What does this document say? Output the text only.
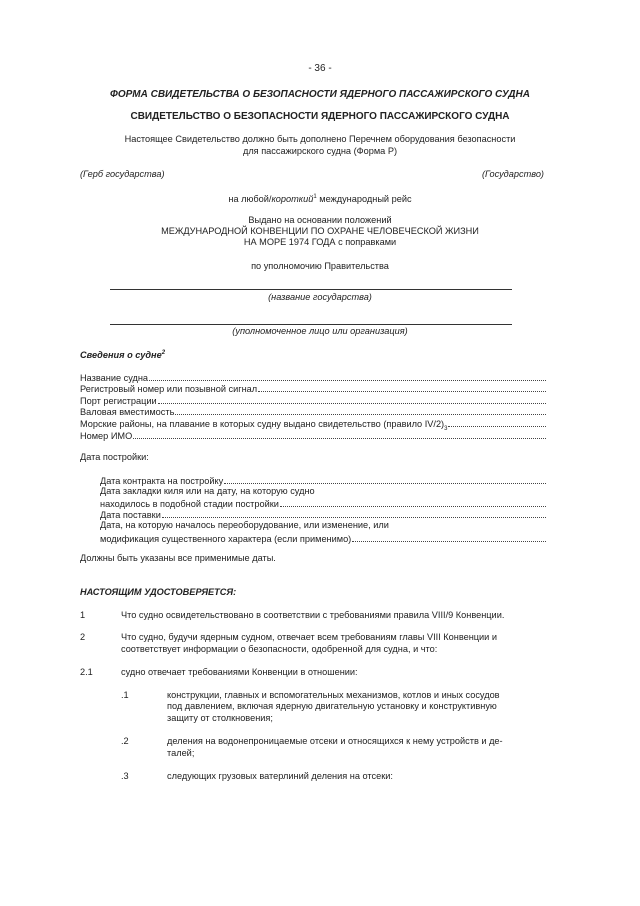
- 36 -
ФОРМА СВИДЕТЕЛЬСТВА О БЕЗОПАСНОСТИ ЯДЕРНОГО ПАССАЖИРСКОГО СУДНА
СВИДЕТЕЛЬСТВО О БЕЗОПАСНОСТИ ЯДЕРНОГО ПАССАЖИРСКОГО СУДНА
Настоящее Свидетельство должно быть дополнено Перечнем оборудования безопасности
для пассажирского судна (Форма Р)
(Герб государства)	(Государство)
на любой/короткий$^1$ международный рейс
Выдано на основании положений
МЕЖДУНАРОДНОЙ КОНВЕНЦИИ ПО ОХРАНЕ ЧЕЛОВЕЧЕСКОЙ ЖИЗНИ
НА МОРЕ 1974 ГОДА с поправками
по уполномочию Правительства
(название государства)
(уполномоченное лицо или организация)
Сведения о судне$^2$
Название судна
Регистровый номер или позывной сигнал
Порт регистрации
Валовая вместимость
Морские районы, на плавание в которых судну выдано свидетельство (правило IV/2) 3
Номер ИМО
Дата постройки:
Дата контракта на постройку
Дата закладки киля или на дату, на которую судно
находилось в подобной стадии постройки
Дата поставки
Дата, на которую началось переоборудование, или изменение, или
модификация существенного характера (если применимо)
Должны быть указаны все применимые даты.
НАСТОЯЩИМ УДОСТОВЕРЯЕТСЯ:
1	Что судно освидетельствовано в соответствии с требованиями правила VIII/9 Конвенции.
2	Что судно, будучи ядерным судном, отвечает всем требованиям главы VIII Конвенции и
соответствует информации о безопасности, одобренной для судна, и что:
2.1	судно отвечает требованиями Конвенции в отношении:
.1	конструкции, главных и вспомогательных механизмов, котлов и иных сосудов
под давлением, включая ядерную двигательную установку и конструктивную
защиту от столкновения;
.2	деления на водонепроницаемые отсеки и относящихся к нему устройств и де-
талей;
.3	следующих грузовых ватерлиний деления на отсеки:
